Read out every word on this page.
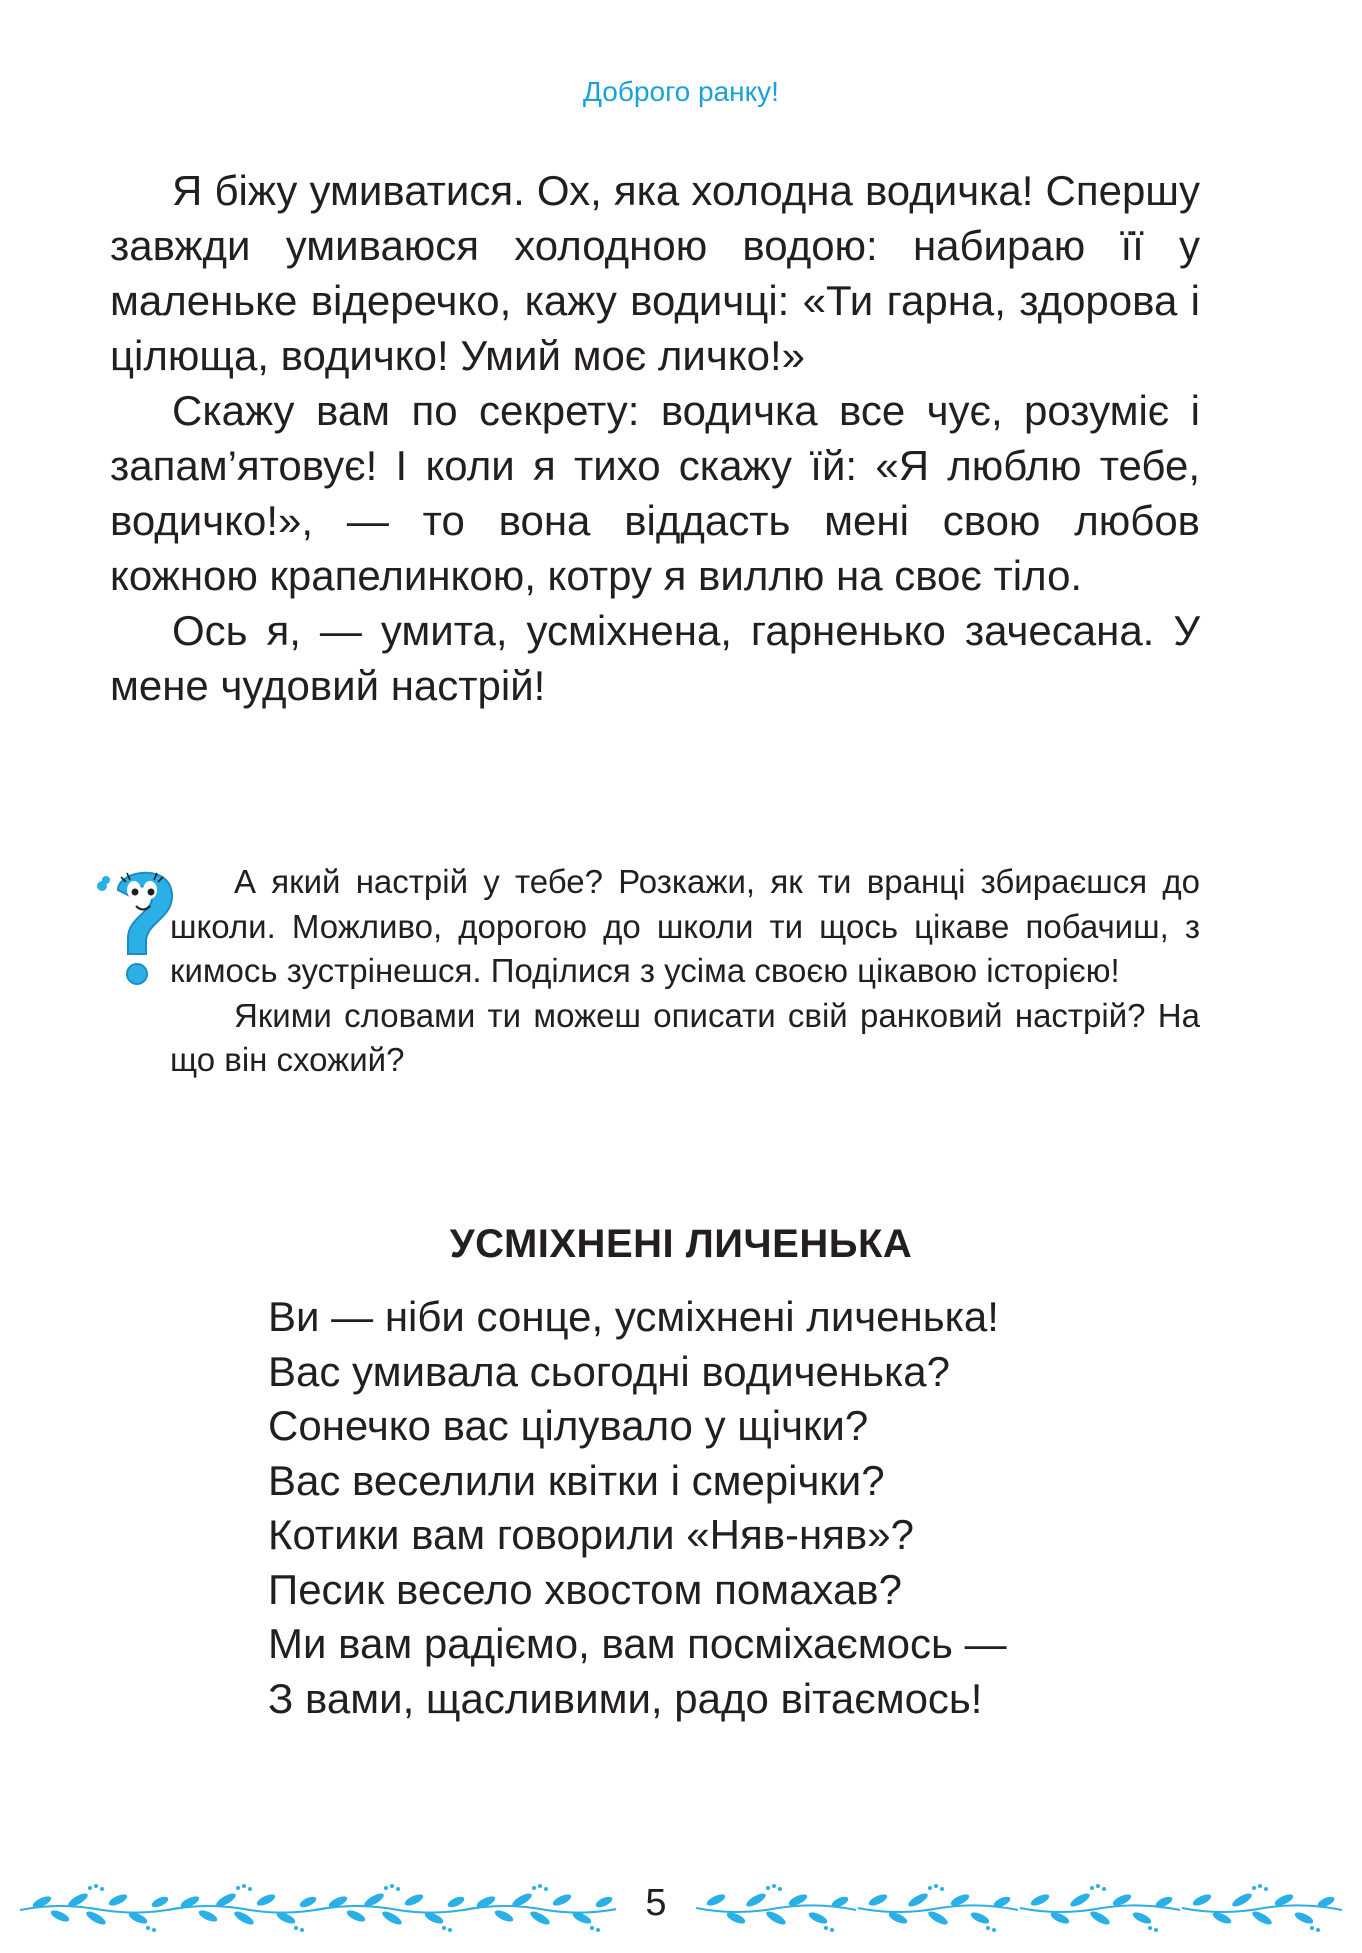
Доброго ранку!

Я біжу умиватися. Ох, яка холодна водичка! Спершу завжди умиваюся холодною водою: набираю її у маленьке відеречко, кажу водичці: «Ти гарна, здорова і цілюща, водичко! Умий моє личко!»

Скажу вам по секрету: водичка все чує, розуміє і запам’ятовує! І коли я тихо скажу їй: «Я люблю тебе, водичко!», — то вона віддасть мені свою любов кожною крапелинкою, котру я виллю на своє тіло.

Ось я, — умита, усміхнена, гарненько зачесана. У мене чудовий настрій!

А який настрій у тебе? Розкажи, як ти вранці збираєшся до школи. Можливо, дорогою до школи ти щось цікаве побачиш, з кимось зустрінешся. Поділися з усіма своєю цікавою історією!

Якими словами ти можеш описати свій ранковий настрій? На що він схожий?

УСМІХНЕНІ ЛИЧЕНЬКА
Ви — ніби сонце, усміхнені личенька!
Вас умивала сьогодні водиченька?
Сонечко вас цілувало у щічки?
Вас веселили квітки і смерічки?
Котики вам говорили «Няв-няв»?
Песик весело хвостом помахав?
Ми вам радіємо, вам посміхаємось —
З вами, щасливими, радо вітаємось!
5
